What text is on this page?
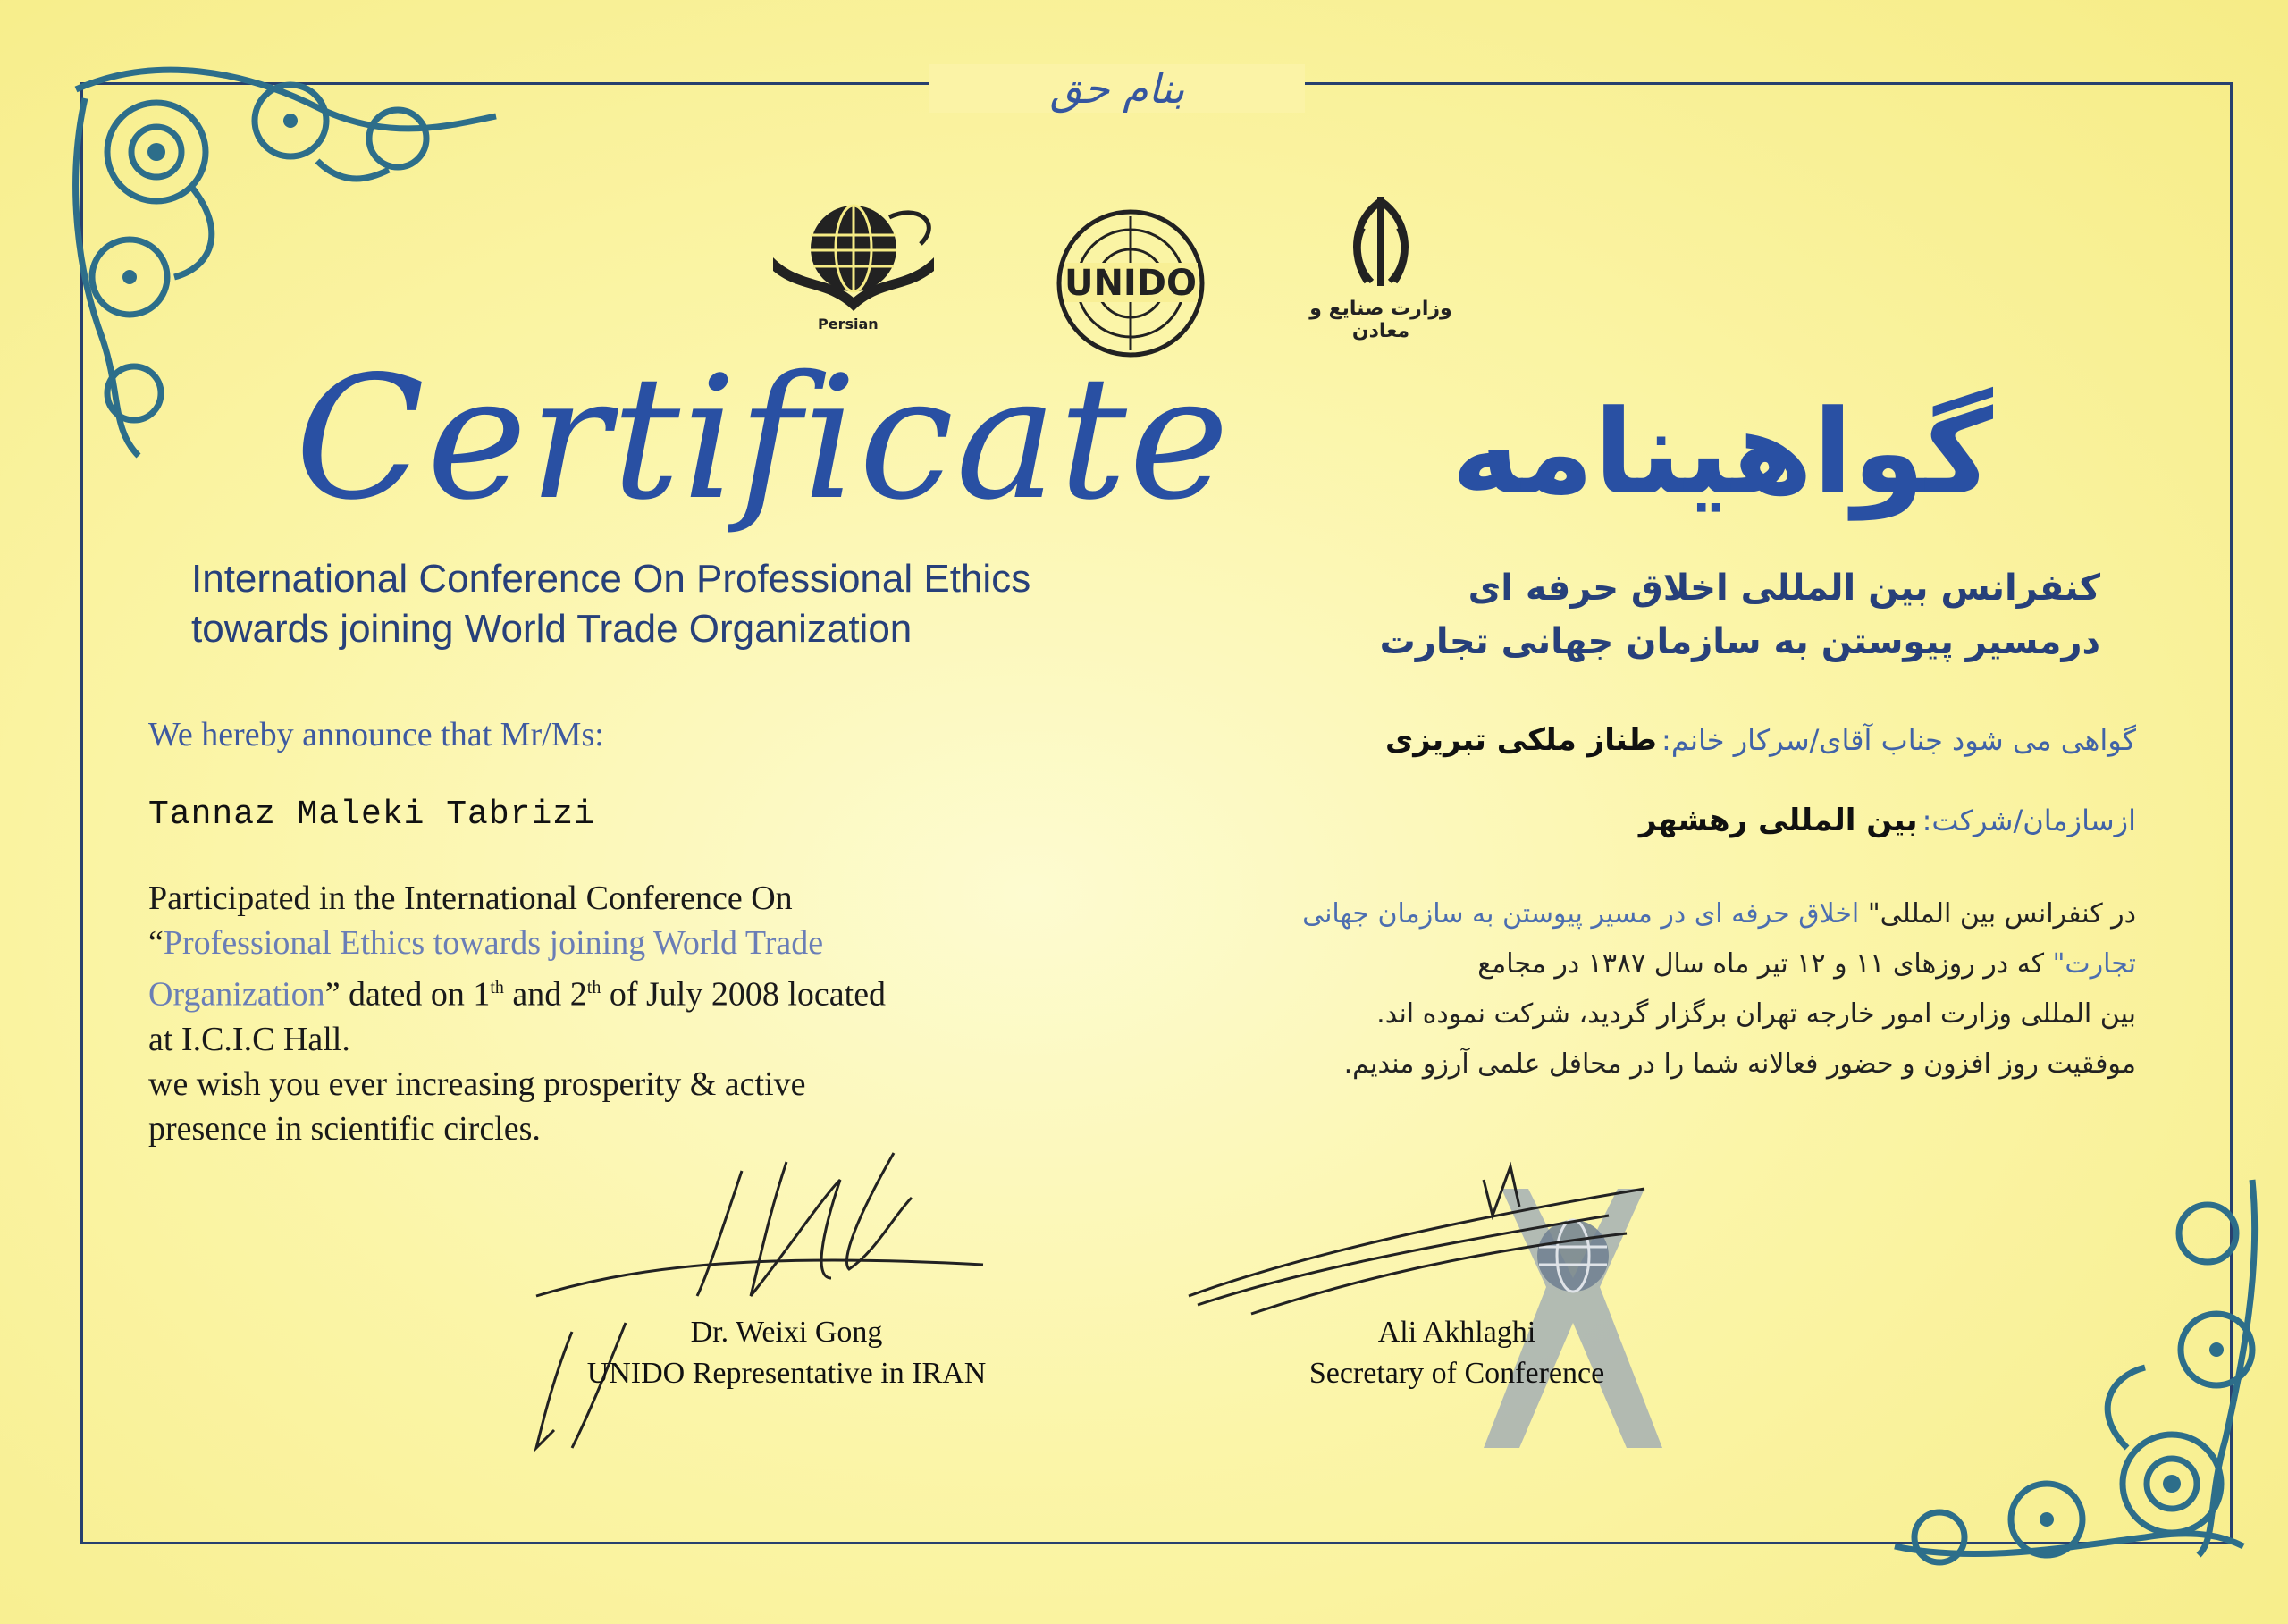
بنام حق
Persian
UNIDO
وزارت صنایع و معادن
Certificate گواهینامه
International Conference On Professional Ethics
towards joining World Trade Organization
کنفرانس بین المللی اخلاق حرفه ای
درمسیر پیوستن به سازمان جهانی تجارت
We hereby announce that Mr/Ms:
Tannaz Maleki Tabrizi
Participated in the International Conference On
“Professional Ethics towards joining World Trade
Organization” dated on 1th and 2th of July 2008 located
at I.C.I.C Hall.
we wish you ever increasing prosperity & active
presence in scientific circles.
گواهی می شود جناب آقای/سرکار خانم: طناز ملکی تبریزی
ازسازمان/شرکت: بین المللی رهشهر
در کنفرانس بین المللی" اخلاق حرفه ای در مسیر پیوستن به سازمان جهانی
تجارت" که در روزهای ۱۱ و ۱۲ تیر ماه سال ۱۳۸۷ در مجامع
بین المللی وزارت امور خارجه تهران برگزار گردید، شرکت نموده اند.
موفقیت روز افزون و حضور فعالانه شما را در محافل علمی آرزو مندیم.
Dr. Weixi Gong
UNIDO Representative in IRAN
Ali Akhlaghi
Secretary of Conference
